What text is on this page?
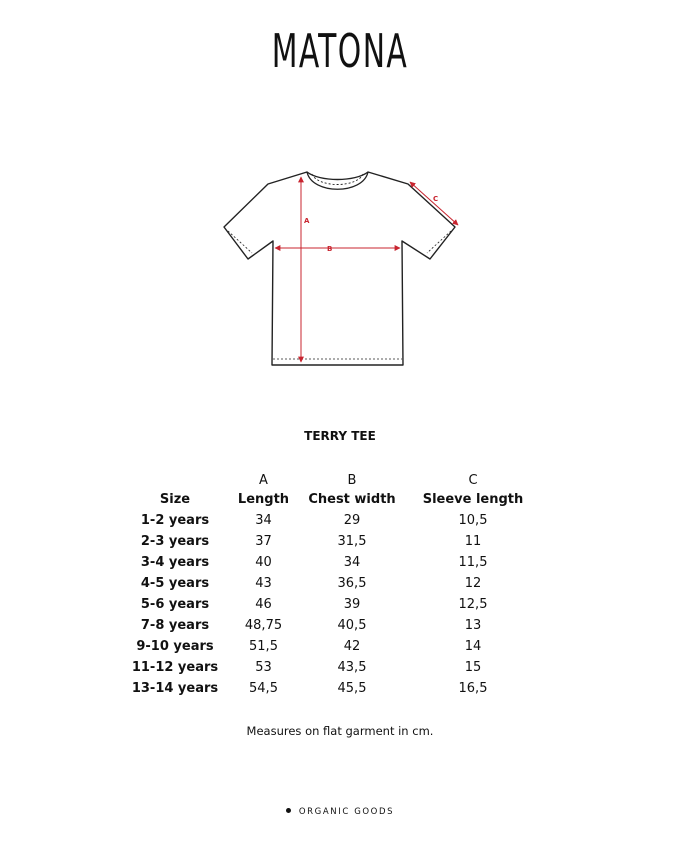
MATONA
A
B
C
TERRY TEE
	A	B	C
Size	Length	Chest width	Sleeve length
1-2 years	34	29	10,5
2-3 years	37	31,5	11
3-4 years	40	34	11,5
4-5 years	43	36,5	12
5-6 years	46	39	12,5
7-8 years	48,75	40,5	13
9-10 years	51,5	42	14
11-12 years	53	43,5	15
13-14 years	54,5	45,5	16,5
Measures on flat garment in cm.
ORGANIC GOODS
